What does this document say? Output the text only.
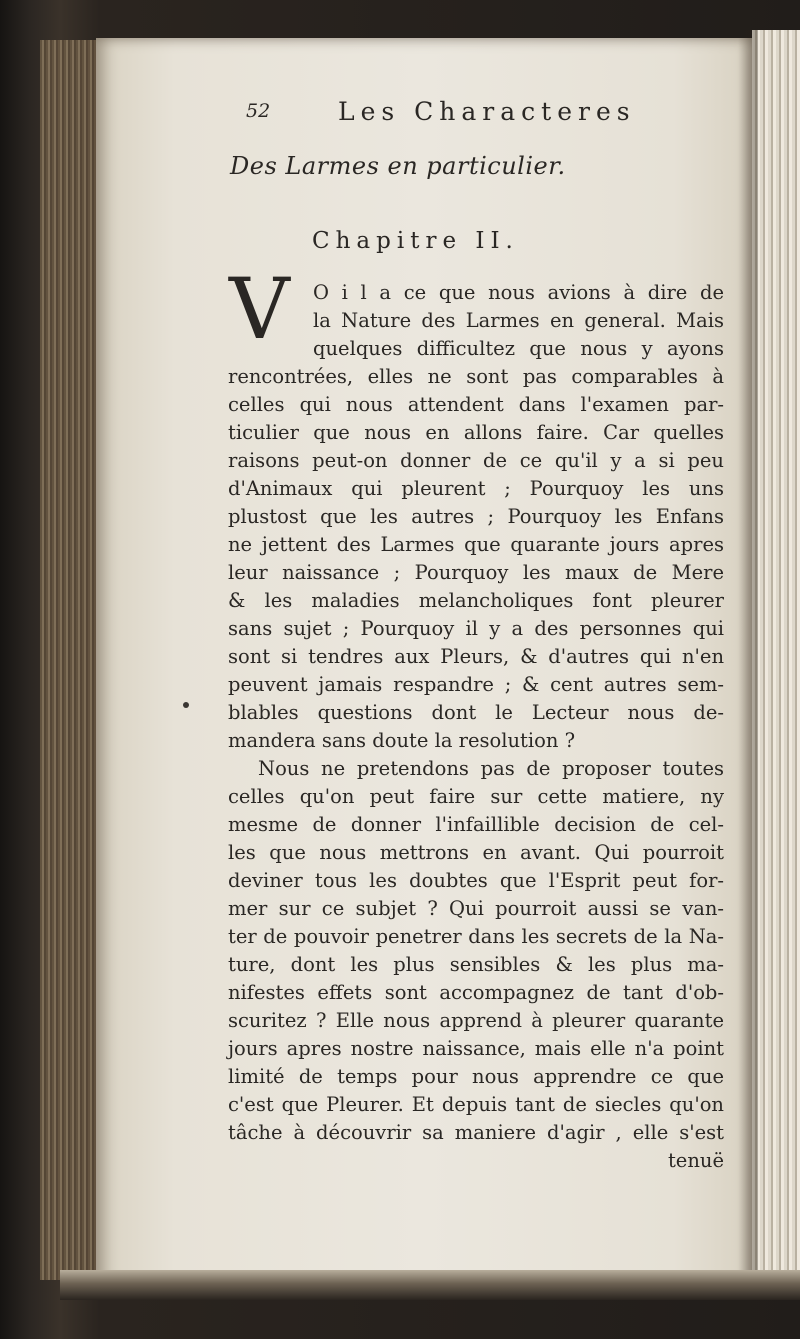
52	Les Characteres
Des Larmes en particulier.
Chapitre II.
V O i l a ce que nous avions à dire de
la Nature des Larmes en general. Mais
quelques difficultez que nous y ayons
rencontrées, elles ne sont pas comparables à
celles qui nous attendent dans l'examen par-
ticulier que nous en allons faire. Car quelles
raisons peut-on donner de ce qu'il y a si peu
d'Animaux qui pleurent ; Pourquoy les uns
plustost que les autres ; Pourquoy les Enfans
ne jettent des Larmes que quarante jours apres
leur naissance ; Pourquoy les maux de Mere
& les maladies melancholiques font pleurer
sans sujet ; Pourquoy il y a des personnes qui
sont si tendres aux Pleurs, & d'autres qui n'en
peuvent jamais respandre ; & cent autres sem-
blables questions dont le Lecteur nous de-
mandera sans doute la resolution ?
Nous ne pretendons pas de proposer toutes
celles qu'on peut faire sur cette matiere, ny
mesme de donner l'infaillible decision de cel-
les que nous mettrons en avant. Qui pourroit
deviner tous les doubtes que l'Esprit peut for-
mer sur ce subjet ? Qui pourroit aussi se van-
ter de pouvoir penetrer dans les secrets de la Na-
ture, dont les plus sensibles & les plus ma-
nifestes effets sont accompagnez de tant d'ob-
scuritez ? Elle nous apprend à pleurer quarante
jours apres nostre naissance, mais elle n'a point
limité de temps pour nous apprendre ce que
c'est que Pleurer. Et depuis tant de siecles qu'on
tâche à découvrir sa maniere d'agir , elle s'est
tenuë
